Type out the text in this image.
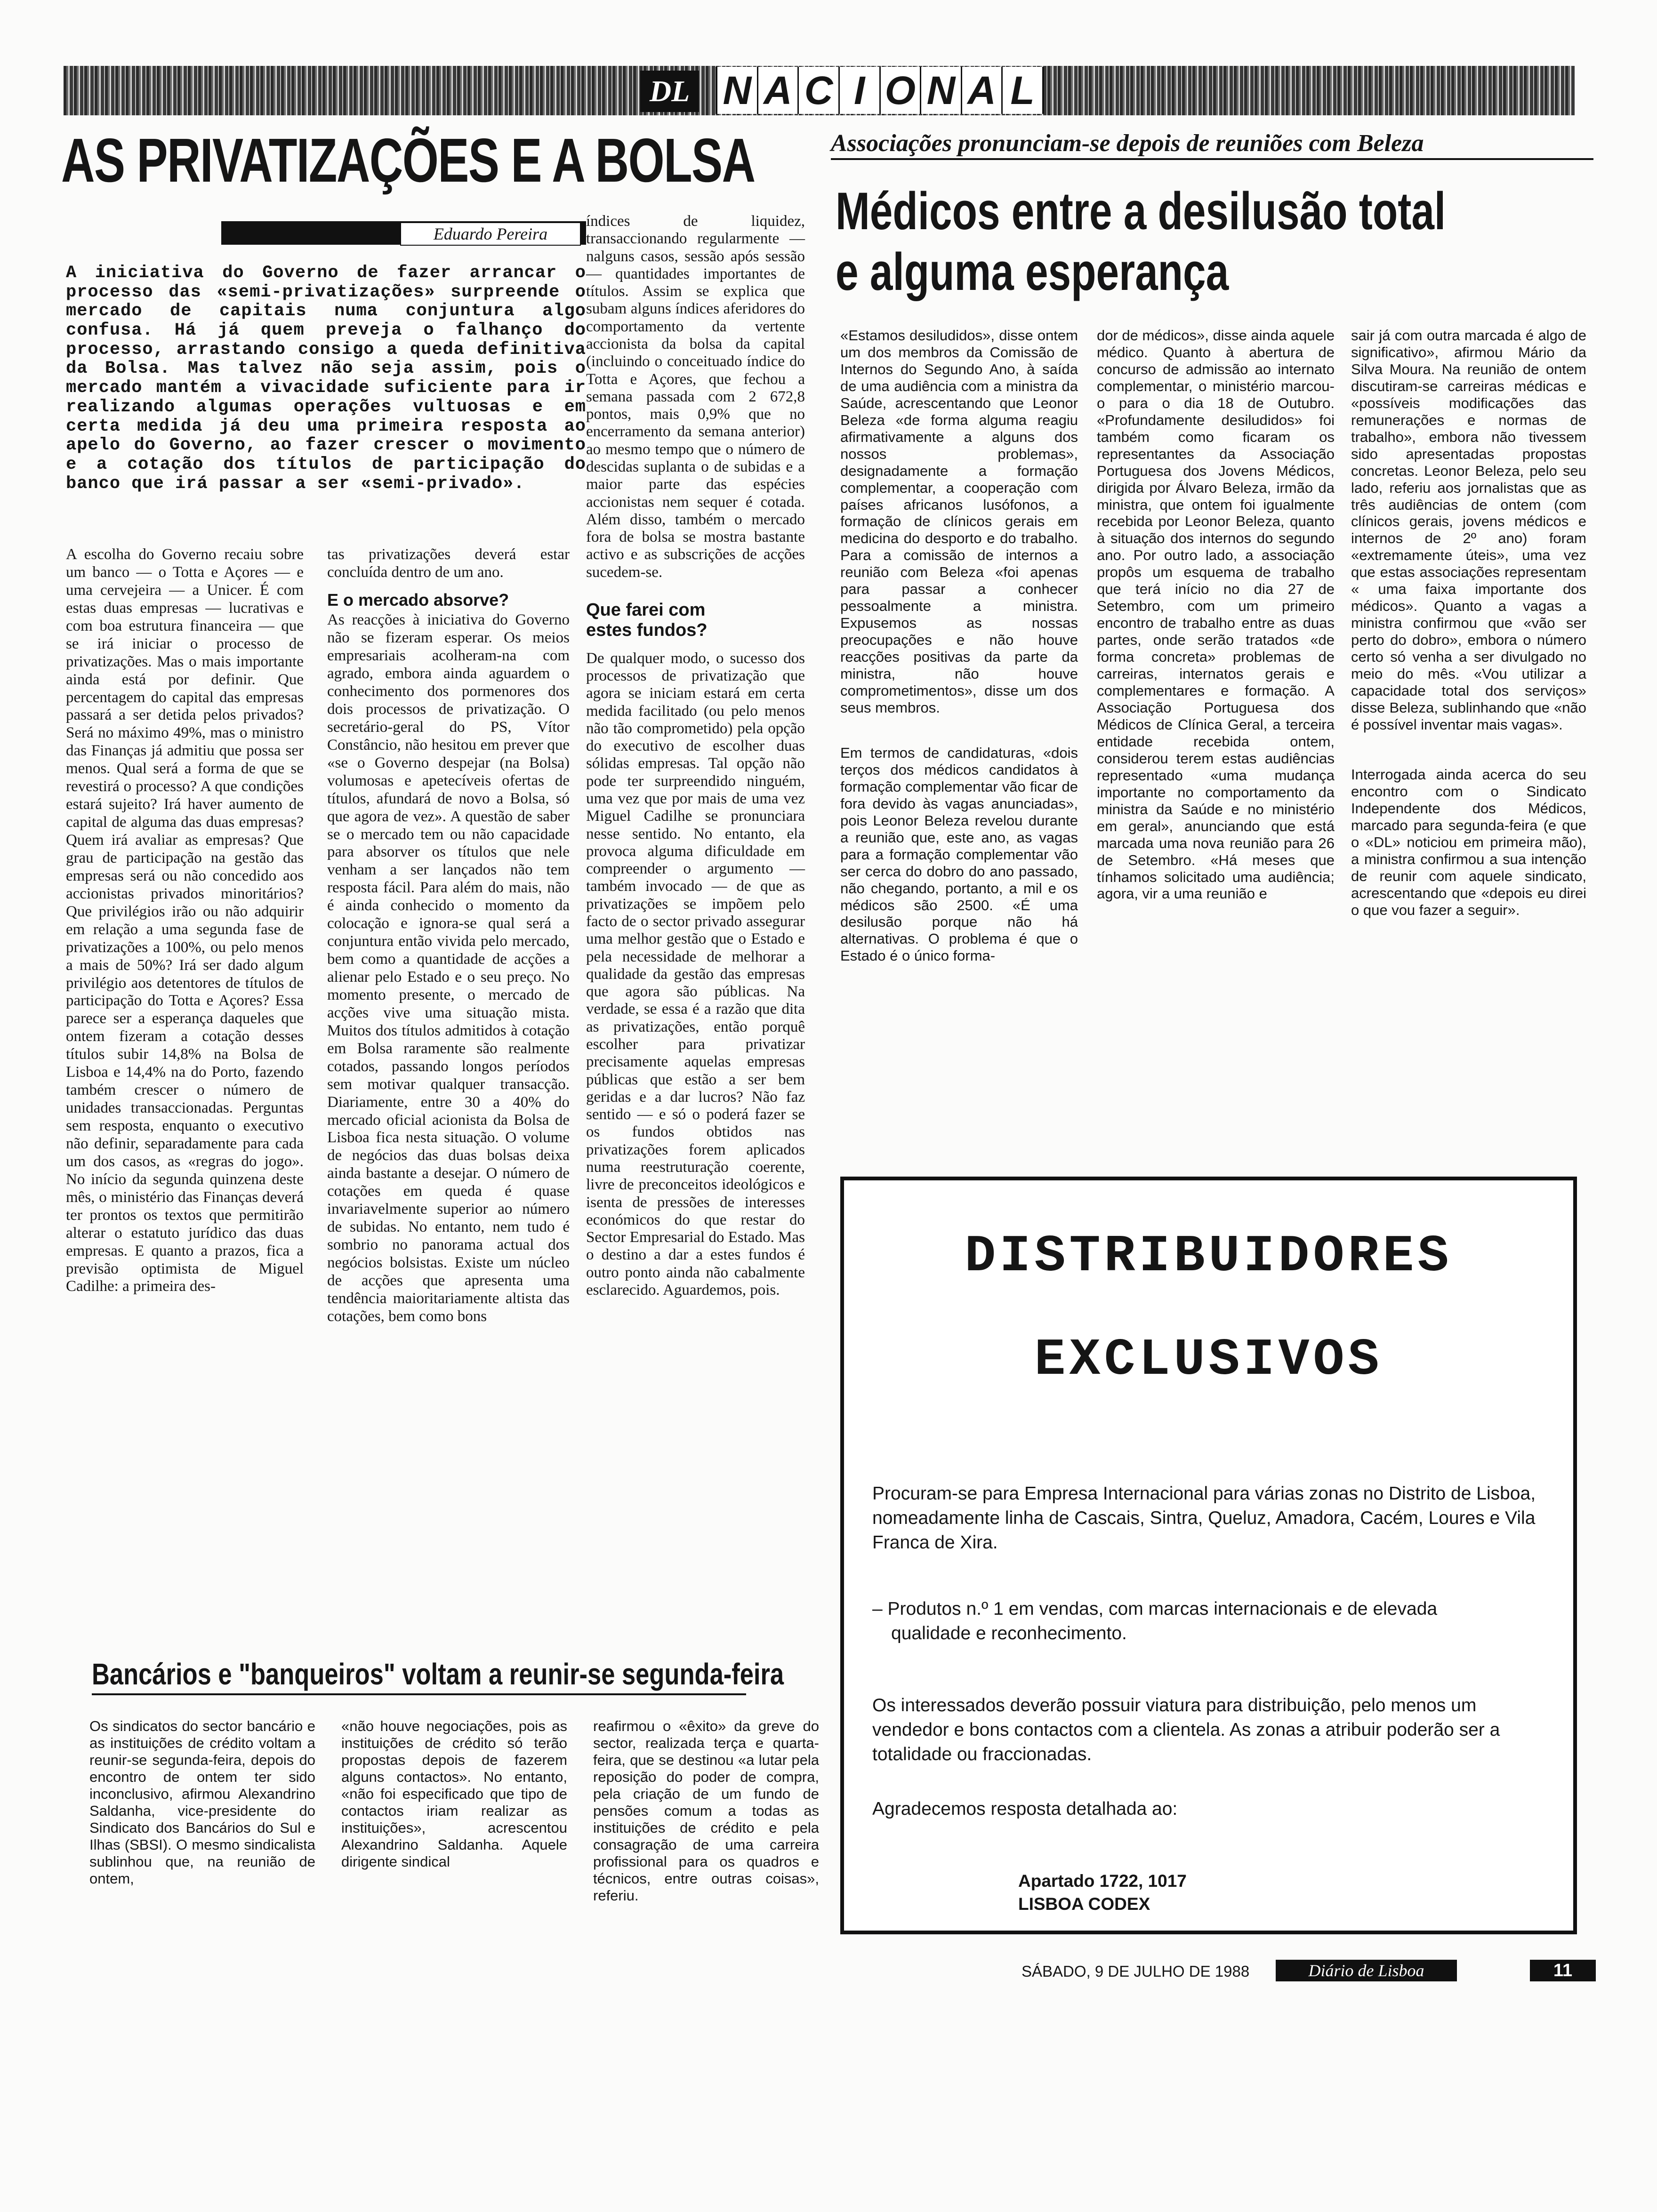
DL N A C I O N A L
AS PRIVATIZAÇÕES E A BOLSA
Eduardo Pereira
A iniciativa do Governo de fazer arrancar o processo das «semi-privatizações» surpreende o mercado de capitais numa conjuntura algo confusa. Há já quem preveja o falhanço do processo, arrastando consigo a queda definitiva da Bolsa. Mas talvez não seja assim, pois o mercado mantém a vivacidade suficiente para ir realizando algumas operações vultuosas e em certa medida já deu uma primeira resposta ao apelo do Governo, ao fazer crescer o movimento e a cotação dos títulos de participação do banco que irá passar a ser «semi-privado».
A escolha do Governo recaiu sobre um banco — o Totta e Açores — e uma cervejeira — a Unicer. É com estas duas empresas — lucrativas e com boa estrutura financeira — que se irá iniciar o processo de privatizações. Mas o mais importante ainda está por definir. Que percentagem do capital das empresas passará a ser detida pelos privados? Será no máximo 49%, mas o ministro das Finanças já admitiu que possa ser menos. Qual será a forma de que se revestirá o processo? A que condições estará sujeito? Irá haver aumento de capital de alguma das duas empresas? Quem irá avaliar as empresas? Que grau de participação na gestão das empresas será ou não concedido aos accionistas privados minoritários? Que privilégios irão ou não adquirir em relação a uma segunda fase de privatizações a 100%, ou pelo menos a mais de 50%? Irá ser dado algum privilégio aos detentores de títulos de participação do Totta e Açores? Essa parece ser a esperança daqueles que ontem fizeram a cotação desses títulos subir 14,8% na Bolsa de Lisboa e 14,4% na do Porto, fazendo também crescer o número de unidades transaccionadas. Perguntas sem resposta, enquanto o executivo não definir, separadamente para cada um dos casos, as «regras do jogo». No início da segunda quinzena deste mês, o ministério das Finanças deverá ter prontos os textos que permitirão alterar o estatuto jurídico das duas empresas. E quanto a prazos, fica a previsão optimista de Miguel Cadilhe: a primeira des-
tas privatizações deverá estar concluída dentro de um ano.
E o mercado absorve?
As reacções à iniciativa do Governo não se fizeram esperar. Os meios empresariais acolheram-na com agrado, embora ainda aguardem o conhecimento dos pormenores dos dois processos de privatização. O secretário-geral do PS, Vítor Constâncio, não hesitou em prever que «se o Governo despejar (na Bolsa) volumosas e apetecíveis ofertas de títulos, afundará de novo a Bolsa, só que agora de vez». A questão de saber se o mercado tem ou não capacidade para absorver os títulos que nele venham a ser lançados não tem resposta fácil. Para além do mais, não é ainda conhecido o momento da colocação e ignora-se qual será a conjuntura então vivida pelo mercado, bem como a quantidade de acções a alienar pelo Estado e o seu preço. No momento presente, o mercado de acções vive uma situação mista. Muitos dos títulos admitidos à cotação em Bolsa raramente são realmente cotados, passando longos períodos sem motivar qualquer transacção. Diariamente, entre 30 a 40% do mercado oficial acionista da Bolsa de Lisboa fica nesta situação. O volume de negócios das duas bolsas deixa ainda bastante a desejar. O número de cotações em queda é quase invariavelmente superior ao número de subidas. No entanto, nem tudo é sombrio no panorama actual dos negócios bolsistas. Existe um núcleo de acções que apresenta uma tendência maioritariamente altista das cotações, bem como bons
índices de liquidez, transaccionando regularmente — nalguns casos, sessão após sessão — quantidades importantes de títulos. Assim se explica que subam alguns índices aferidores do comportamento da vertente accionista da bolsa da capital (incluindo o conceituado índice do Totta e Açores, que fechou a semana passada com 2 672,8 pontos, mais 0,9% que no encerramento da semana anterior) ao mesmo tempo que o número de descidas suplanta o de subidas e a maior parte das espécies accionistas nem sequer é cotada. Além disso, também o mercado fora de bolsa se mostra bastante activo e as subscrições de acções sucedem-se.
Que farei com estes fundos?
De qualquer modo, o sucesso dos processos de privatização que agora se iniciam estará em certa medida facilitado (ou pelo menos não tão comprometido) pela opção do executivo de escolher duas sólidas empresas. Tal opção não pode ter surpreendido ninguém, uma vez que por mais de uma vez Miguel Cadilhe se pronunciara nesse sentido. No entanto, ela provoca alguma dificuldade em compreender o argumento — também invocado — de que as privatizações se impõem pelo facto de o sector privado assegurar uma melhor gestão que o Estado e pela necessidade de melhorar a qualidade da gestão das empresas que agora são públicas. Na verdade, se essa é a razão que dita as privatizações, então porquê escolher para privatizar precisamente aquelas empresas públicas que estão a ser bem geridas e a dar lucros? Não faz sentido — e só o poderá fazer se os fundos obtidos nas privatizações forem aplicados numa reestruturação coerente, livre de preconceitos ideológicos e isenta de pressões de interesses económicos do que restar do Sector Empresarial do Estado. Mas o destino a dar a estes fundos é outro ponto ainda não cabalmente esclarecido. Aguardemos, pois.
Associações pronunciam-se depois de reuniões com Beleza
Médicos entre a desilusão total
e alguma esperança
«Estamos desiludidos», disse ontem um dos membros da Comissão de Internos do Segundo Ano, à saída de uma audiência com a ministra da Saúde, acrescentando que Leonor Beleza «de forma alguma reagiu afirmativamente a alguns dos nossos problemas», designadamente a formação complementar, a cooperação com países africanos lusófonos, a formação de clínicos gerais em medicina do desporto e do trabalho. Para a comissão de internos a reunião com Beleza «foi apenas para passar a conhecer pessoalmente a ministra. Expusemos as nossas preocupações e não houve reacções positivas da parte da ministra, não houve comprometimentos», disse um dos seus membros.
Em termos de candidaturas, «dois terços dos médicos candidatos à formação complementar vão ficar de fora devido às vagas anunciadas», pois Leonor Beleza revelou durante a reunião que, este ano, as vagas para a formação complementar vão ser cerca do dobro do ano passado, não chegando, portanto, a mil e os médicos são 2500. «É uma desilusão porque não há alternativas. O problema é que o Estado é o único forma-
dor de médicos», disse ainda aquele médico. Quanto à abertura de concurso de admissão ao internato complementar, o ministério marcou-o para o dia 18 de Outubro. «Profundamente desiludidos» foi também como ficaram os representantes da Associação Portuguesa dos Jovens Médicos, dirigida por Álvaro Beleza, irmão da ministra, que ontem foi igualmente recebida por Leonor Beleza, quanto à situação dos internos do segundo ano. Por outro lado, a associação propôs um esquema de trabalho que terá início no dia 27 de Setembro, com um primeiro encontro de trabalho entre as duas partes, onde serão tratados «de forma concreta» problemas de carreiras, internatos gerais e complementares e formação. A Associação Portuguesa dos Médicos de Clínica Geral, a terceira entidade recebida ontem, considerou terem estas audiências representado «uma mudança importante no comportamento da ministra da Saúde e no ministério em geral», anunciando que está marcada uma nova reunião para 26 de Setembro. «Há meses que tínhamos solicitado uma audiência; agora, vir a uma reunião e
sair já com outra marcada é algo de significativo», afirmou Mário da Silva Moura. Na reunião de ontem discutiram-se carreiras médicas e «possíveis modificações das remunerações e normas de trabalho», embora não tivessem sido apresentadas propostas concretas. Leonor Beleza, pelo seu lado, referiu aos jornalistas que as três audiências de ontem (com clínicos gerais, jovens médicos e internos de 2º ano) foram «extremamente úteis», uma vez que estas associações representam « uma faixa importante dos médicos». Quanto a vagas a ministra confirmou que «vão ser perto do dobro», embora o número certo só venha a ser divulgado no meio do mês. «Vou utilizar a capacidade total dos serviços» disse Beleza, sublinhando que «não é possível inventar mais vagas».
Interrogada ainda acerca do seu encontro com o Sindicato Independente dos Médicos, marcado para segunda-feira (e que o «DL» noticiou em primeira mão), a ministra confirmou a sua intenção de reunir com aquele sindicato, acrescentando que «depois eu direi o que vou fazer a seguir».
Bancários e "banqueiros" voltam a reunir-se segunda-feira
Os sindicatos do sector bancário e as instituições de crédito voltam a reunir-se segunda-feira, depois do encontro de ontem ter sido inconclusivo, afirmou Alexandrino Saldanha, vice-presidente do Sindicato dos Bancários do Sul e Ilhas (SBSI). O mesmo sindicalista sublinhou que, na reunião de ontem,
«não houve negociações, pois as instituições de crédito só terão propostas depois de fazerem alguns contactos». No entanto, «não foi especificado que tipo de contactos iriam realizar as instituições», acrescentou Alexandrino Saldanha. Aquele dirigente sindical
reafirmou o «êxito» da greve do sector, realizada terça e quarta-feira, que se destinou «a lutar pela reposição do poder de compra, pela criação de um fundo de pensões comum a todas as instituições de crédito e pela consagração de uma carreira profissional para os quadros e técnicos, entre outras coisas», referiu.
DISTRIBUIDORES
EXCLUSIVOS
Procuram-se para Empresa Internacional para várias zonas no Distrito de Lisboa, nomeadamente linha de Cascais, Sintra, Queluz, Amadora, Cacém, Loures e Vila Franca de Xira.
– Produtos n.º 1 em vendas, com marcas internacionais e de elevada qualidade e reconhecimento.
Os interessados deverão possuir viatura para distribuição, pelo menos um vendedor e bons contactos com a clientela. As zonas a atribuir poderão ser a totalidade ou fraccionadas.
Agradecemos resposta detalhada ao:
Apartado 1722, 1017
LISBOA CODEX
SÁBADO, 9 DE JULHO DE 1988	Diário de Lisboa	11
